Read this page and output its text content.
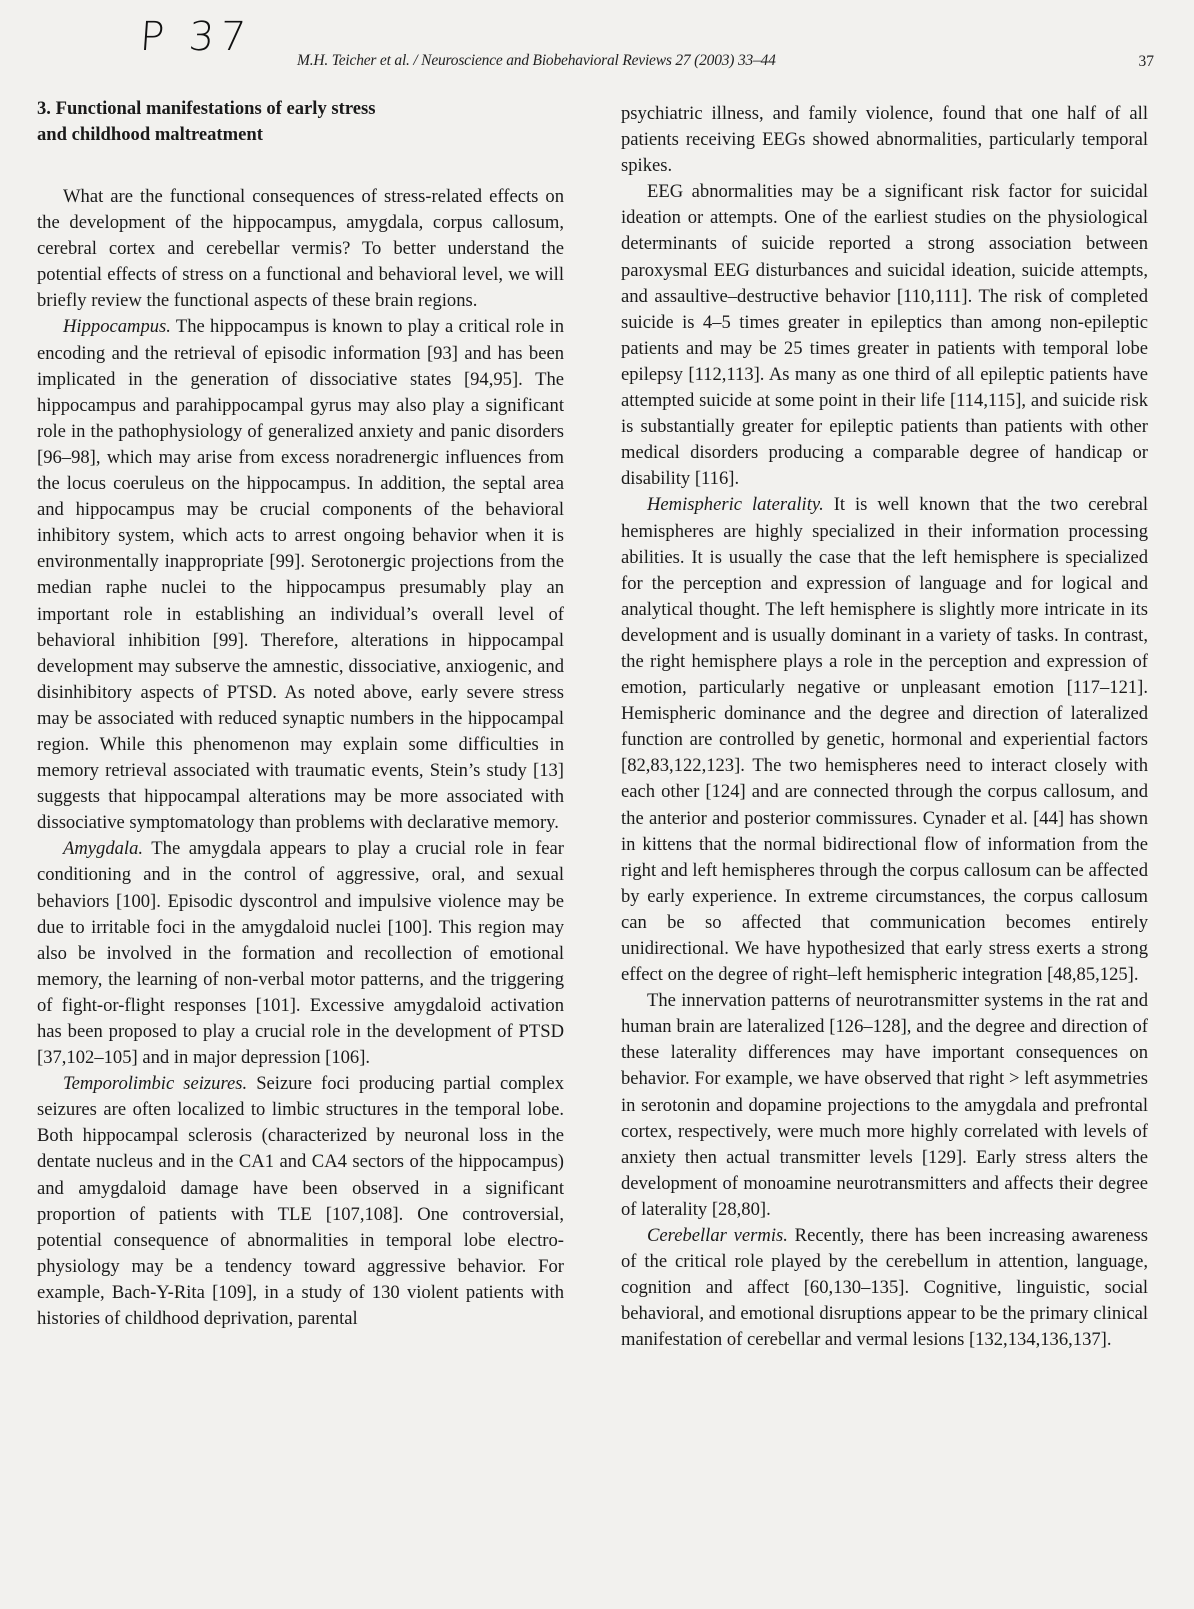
P 37
M.H. Teicher et al. / Neuroscience and Biobehavioral Reviews 27 (2003) 33–44	37
3. Functional manifestations of early stress
and childhood maltreatment

What are the functional consequences of stress-related effects on the development of the hippocampus, amygdala, corpus callosum, cerebral cortex and cerebellar vermis? To better understand the potential effects of stress on a functional and behavioral level, we will briefly review the functional aspects of these brain regions.

Hippocampus. The hippocampus is known to play a critical role in encoding and the retrieval of episodic information [93] and has been implicated in the generation of dissociative states [94,95]. The hippocampus and parahippocampal gyrus may also play a significant role in the pathophysiology of generalized anxiety and panic disorders [96–98], which may arise from excess noradrenergic influences from the locus coeruleus on the hippocampus. In addition, the septal area and hippocampus may be crucial components of the behavioral inhibitory system, which acts to arrest ongoing behavior when it is environmentally inappropriate [99]. Serotonergic projections from the median raphe nuclei to the hippocampus presumably play an important role in establishing an individual’s overall level of behavioral inhibition [99]. Therefore, alterations in hippocampal development may subserve the amnestic, dissociative, anxiogenic, and disinhibitory aspects of PTSD. As noted above, early severe stress may be associated with reduced synaptic numbers in the hippocampal region. While this phenomenon may explain some difficulties in memory retrieval associated with traumatic events, Stein’s study [13] suggests that hippocampal alterations may be more associated with dissociative symptomatology than problems with declarative memory.

Amygdala. The amygdala appears to play a crucial role in fear conditioning and in the control of aggressive, oral, and sexual behaviors [100]. Episodic dyscontrol and impulsive violence may be due to irritable foci in the amygdaloid nuclei [100]. This region may also be involved in the formation and recollection of emotional memory, the learning of non-verbal motor patterns, and the triggering of fight-or-flight responses [101]. Excessive amygdaloid activation has been proposed to play a crucial role in the development of PTSD [37,102–105] and in major depression [106].

Temporolimbic seizures. Seizure foci producing partial complex seizures are often localized to limbic structures in the temporal lobe. Both hippocampal sclerosis (characterized by neuronal loss in the dentate nucleus and in the CA1 and CA4 sectors of the hippocampus) and amygdaloid damage have been observed in a significant proportion of patients with TLE [107,108]. One controversial, potential consequence of abnormalities in temporal lobe electrophysiology may be a tendency toward aggressive behavior. For example, Bach-Y-Rita [109], in a study of 130 violent patients with histories of childhood deprivation, parental

psychiatric illness, and family violence, found that one half of all patients receiving EEGs showed abnormalities, particularly temporal spikes.

EEG abnormalities may be a significant risk factor for suicidal ideation or attempts. One of the earliest studies on the physiological determinants of suicide reported a strong association between paroxysmal EEG disturbances and suicidal ideation, suicide attempts, and assaultive–destructive behavior [110,111]. The risk of completed suicide is 4–5 times greater in epileptics than among non-epileptic patients and may be 25 times greater in patients with temporal lobe epilepsy [112,113]. As many as one third of all epileptic patients have attempted suicide at some point in their life [114,115], and suicide risk is substantially greater for epileptic patients than patients with other medical disorders producing a comparable degree of handicap or disability [116].

Hemispheric laterality. It is well known that the two cerebral hemispheres are highly specialized in their information processing abilities. It is usually the case that the left hemisphere is specialized for the perception and expression of language and for logical and analytical thought. The left hemisphere is slightly more intricate in its development and is usually dominant in a variety of tasks. In contrast, the right hemisphere plays a role in the perception and expression of emotion, particularly negative or unpleasant emotion [117–121]. Hemispheric dominance and the degree and direction of lateralized function are controlled by genetic, hormonal and experiential factors [82,83,122,123]. The two hemispheres need to interact closely with each other [124] and are connected through the corpus callosum, and the anterior and posterior commissures. Cynader et al. [44] has shown in kittens that the normal bidirectional flow of information from the right and left hemispheres through the corpus callosum can be affected by early experience. In extreme circumstances, the corpus callosum can be so affected that communication becomes entirely unidirectional. We have hypothesized that early stress exerts a strong effect on the degree of right–left hemispheric integration [48,85,125].

The innervation patterns of neurotransmitter systems in the rat and human brain are lateralized [126–128], and the degree and direction of these laterality differences may have important consequences on behavior. For example, we have observed that right > left asymmetries in serotonin and dopamine projections to the amygdala and prefrontal cortex, respectively, were much more highly correlated with levels of anxiety then actual transmitter levels [129]. Early stress alters the development of monoamine neurotransmitters and affects their degree of laterality [28,80].

Cerebellar vermis. Recently, there has been increasing awareness of the critical role played by the cerebellum in attention, language, cognition and affect [60,130–135]. Cognitive, linguistic, social behavioral, and emotional disruptions appear to be the primary clinical manifestation of cerebellar and vermal lesions [132,134,136,137].
